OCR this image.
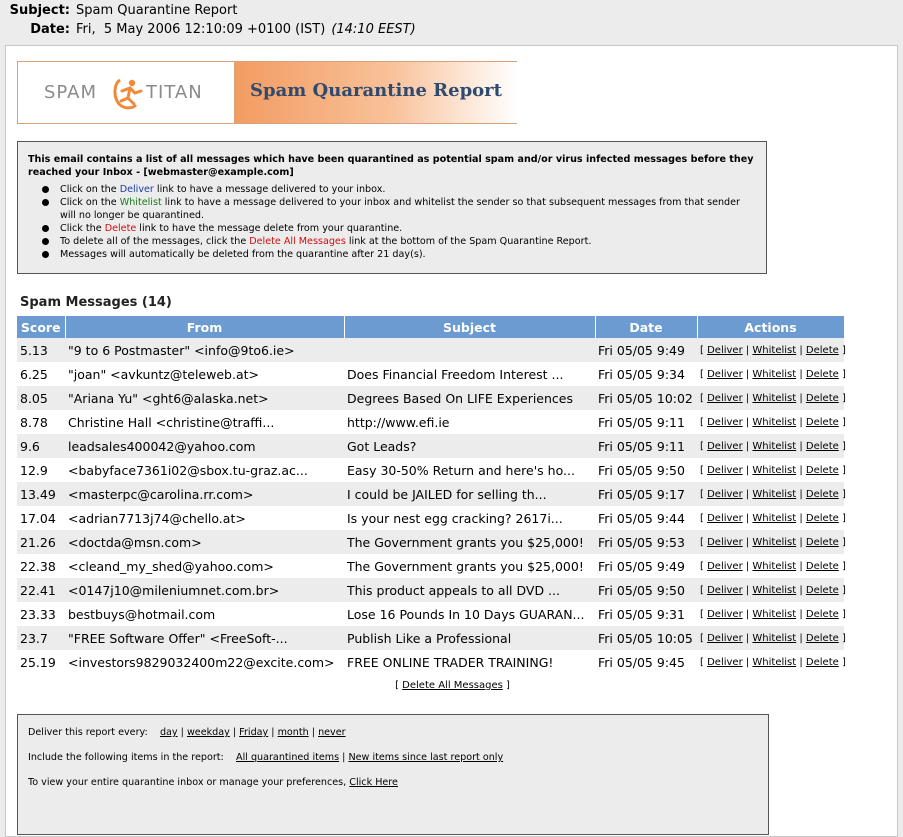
Subject: Spam Quarantine Report
Date: Fri,  5 May 2006 12:10:09 +0100 (IST) (14:10 EEST)
SPAM	TITAN	Spam Quarantine Report
This email contains a list of all messages which have been quarantined as potential spam and/or virus infected messages before they reached your Inbox - [webmaster@example.com]
Click on the Deliver link to have a message delivered to your inbox.
Click on the Whitelist link to have a message delivered to your inbox and whitelist the sender so that subsequent messages from that sender will no longer be quarantined.
Click the Delete link to have the message delete from your quarantine.
To delete all of the messages, click the Delete All Messages link at the bottom of the Spam Quarantine Report.
Messages will automatically be deleted from the quarantine after 21 day(s).
Spam Messages (14)
Score	From	Subject	Date	Actions
5.13	"9 to 6 Postmaster" <info@9to6.ie>		Fri 05/05 9:49	[ Deliver | Whitelist | Delete ]
6.25	"joan" <avkuntz@teleweb.at>	Does Financial Freedom Interest ...	Fri 05/05 9:34	[ Deliver | Whitelist | Delete ]
8.05	"Ariana Yu" <ght6@alaska.net>	Degrees Based On LIFE Experiences	Fri 05/05 10:02	[ Deliver | Whitelist | Delete ]
8.78	Christine Hall <christine@traffi...	http://www.efi.ie	Fri 05/05 9:11	[ Deliver | Whitelist | Delete ]
9.6	leadsales400042@yahoo.com	Got Leads?	Fri 05/05 9:11	[ Deliver | Whitelist | Delete ]
12.9	<babyface7361i02@sbox.tu-graz.ac...	Easy 30-50% Return and here's ho...	Fri 05/05 9:50	[ Deliver | Whitelist | Delete ]
13.49	<masterpc@carolina.rr.com>	I could be JAILED for selling th...	Fri 05/05 9:17	[ Deliver | Whitelist | Delete ]
17.04	<adrian7713j74@chello.at>	Is your nest egg cracking? 2617i...	Fri 05/05 9:44	[ Deliver | Whitelist | Delete ]
21.26	<doctda@msn.com>	The Government grants you $25,000!	Fri 05/05 9:53	[ Deliver | Whitelist | Delete ]
22.38	<cleand_my_shed@yahoo.com>	The Government grants you $25,000!	Fri 05/05 9:49	[ Deliver | Whitelist | Delete ]
22.41	<0147j10@mileniumnet.com.br>	This product appeals to all DVD ...	Fri 05/05 9:50	[ Deliver | Whitelist | Delete ]
23.33	bestbuys@hotmail.com	Lose 16 Pounds In 10 Days GUARAN...	Fri 05/05 9:31	[ Deliver | Whitelist | Delete ]
23.7	"FREE Software Offer" <FreeSoft-...	Publish Like a Professional	Fri 05/05 10:05	[ Deliver | Whitelist | Delete ]
25.19	<investors9829032400m22@excite.com>	FREE ONLINE TRADER TRAINING!	Fri 05/05 9:45	[ Deliver | Whitelist | Delete ]
[ Delete All Messages ]
Deliver this report every: day | weekday | Friday | month | never
Include the following items in the report: All quarantined items | New items since last report only
To view your entire quarantine inbox or manage your preferences, Click Here
